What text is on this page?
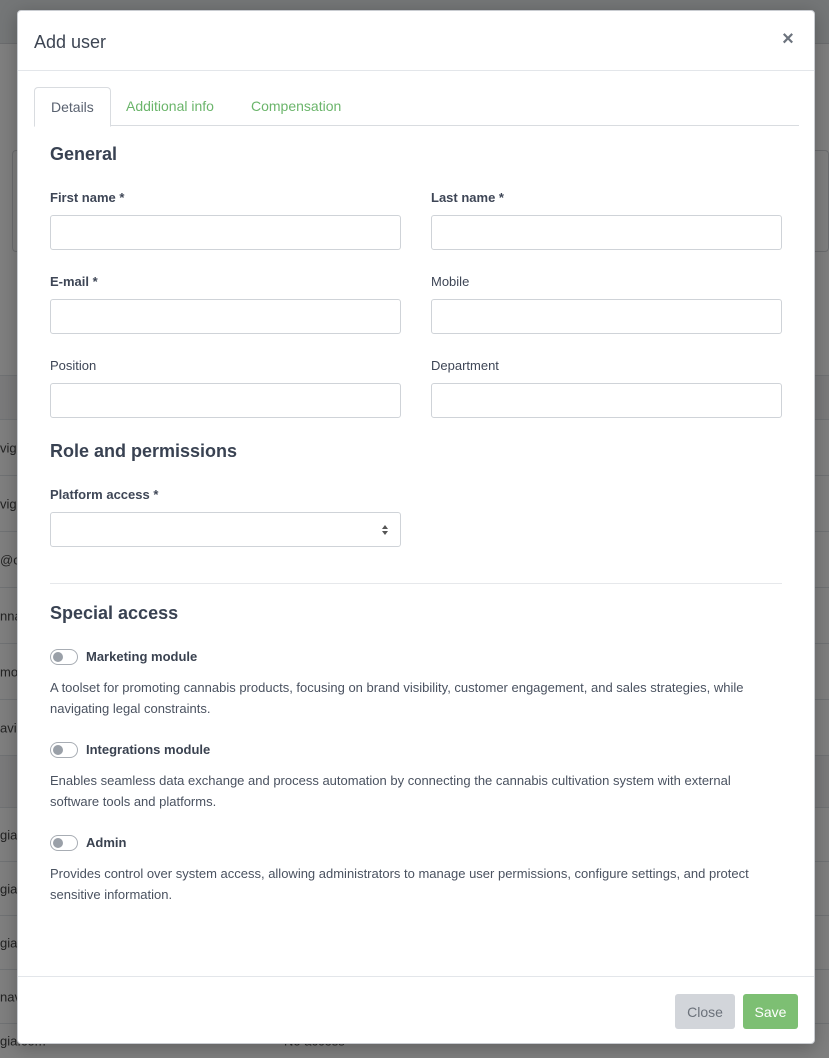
Add user	×
Details	Additional info	Compensation
General
First name *	Last name *
E-mail *	Mobile
Position	Department
Role and permissions
Platform access *
Special access
Marketing module
A toolset for promoting cannabis products, focusing on brand visibility, customer engagement, and sales strategies, while navigating legal constraints.
Integrations module
Enables seamless data exchange and process automation by connecting the cannabis cultivation system with external software tools and platforms.
Admin
Provides control over system access, allowing administrators to manage user permissions, configure settings, and protect sensitive information.
Close	Save
